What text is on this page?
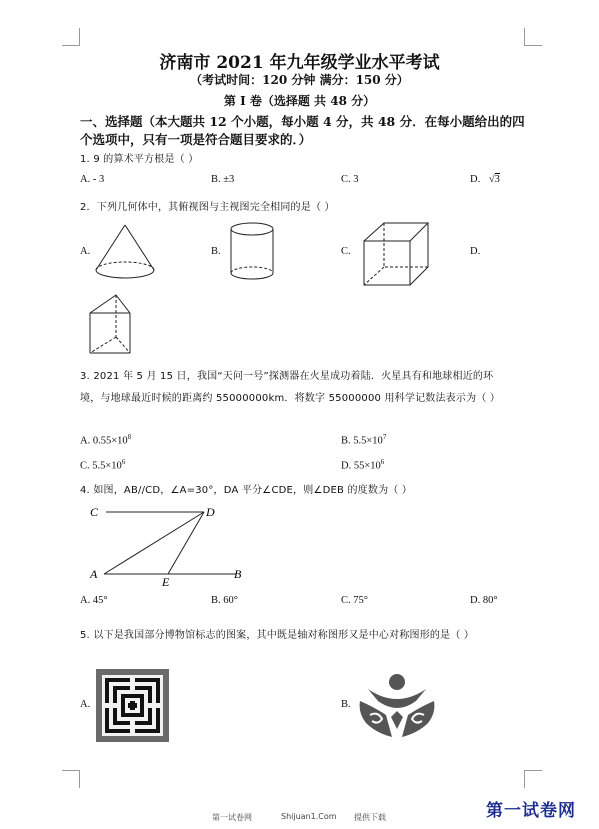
济南市 2021 年九年级学业水平考试
（考试时间：120 分钟 满分：150 分）
第 I 卷（选择题 共 48 分）
一、选择题（本大题共 12 个小题，每小题 4 分，共 48 分．在每小题给出的四
个选项中，只有一项是符合题目要求的．）
1. 9 的算术平方根是（ ）
A. - 3	B. ±3	C. 3	D. √3
2．下列几何体中，其俯视图与主视图完全相同的是（ ）
A.	B.	C.	D.
3. 2021 年 5 月 15 日，我国“天问一号”探测器在火星成功着陆．火星具有和地球相近的环
境，与地球最近时候的距离约 55000000km．将数字 55000000 用科学记数法表示为（ ）
A. $0.55\times 10^8$	B. $5.5\times 10^7$
C. $5.5\times 10^6$	D. $55\times 10^6$
4. 如图，AB//CD，∠A=30°，DA 平分∠CDE，则∠DEB 的度数为（ ）
C	D
A
E
B
A. 45°	B. 60°	C. 75°	D. 80°
5. 以下是我国部分博物馆标志的图案，其中既是轴对称图形又是中心对称图形的是（ ）
A.	B.
第一试卷网	Shijuan1.Com 提供下载	第一试卷网
